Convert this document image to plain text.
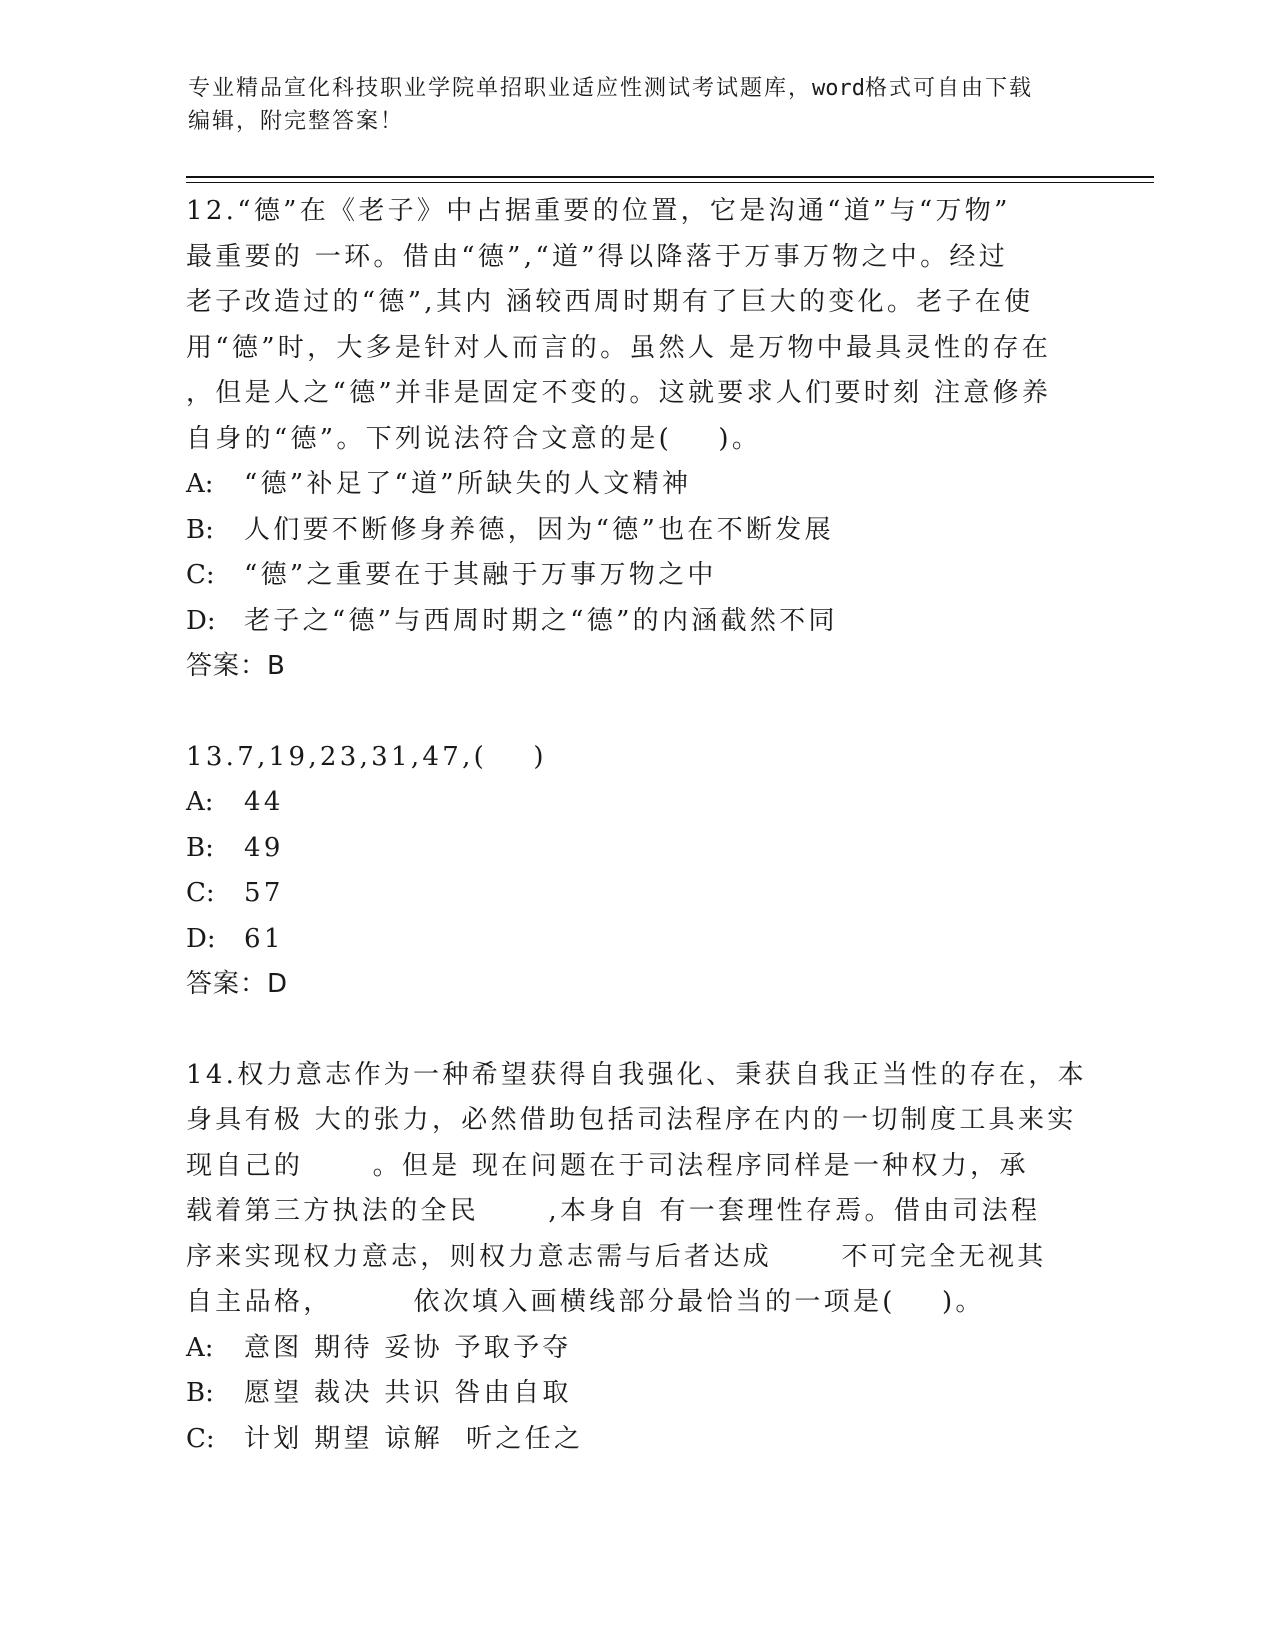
专业精品宣化科技职业学院单招职业适应性测试考试题库，word格式可自由下载
编辑，附完整答案！
12.“德”在《老子》中占据重要的位置，它是沟通“道”与“万物”
最重要的 一环。借由“德”,“道”得以降落于万事万物之中。经过
老子改造过的“德”,其内 涵较西周时期有了巨大的变化。老子在使
用“德”时，大多是针对人而言的。虽然人 是万物中最具灵性的存在
，但是人之“德”并非是固定不变的。这就要求人们要时刻 注意修养
自身的“德”。下列说法符合文意的是(    )。
A: “德”补足了“道”所缺失的人文精神
B: 人们要不断修身养德，因为“德”也在不断发展
C: “德”之重要在于其融于万事万物之中
D: 老子之“德”与西周时期之“德”的内涵截然不同
答案：B
13.7,19,23,31,47,(    )
A: 44
B: 49
C: 57
D: 61
答案：D
14.权力意志作为一种希望获得自我强化、秉获自我正当性的存在，本
身具有极 大的张力，必然借助包括司法程序在内的一切制度工具来实
现自己的      。但是 现在问题在于司法程序同样是一种权力，承
载着第三方执法的全民      ,本身自 有一套理性存焉。借由司法程
序来实现权力意志，则权力意志需与后者达成      不可完全无视其
自主品格，       依次填入画横线部分最恰当的一项是(    )。
A: 意图 期待 妥协 予取予夺
B: 愿望 裁决 共识 咎由自取
C: 计划 期望 谅解  听之任之
